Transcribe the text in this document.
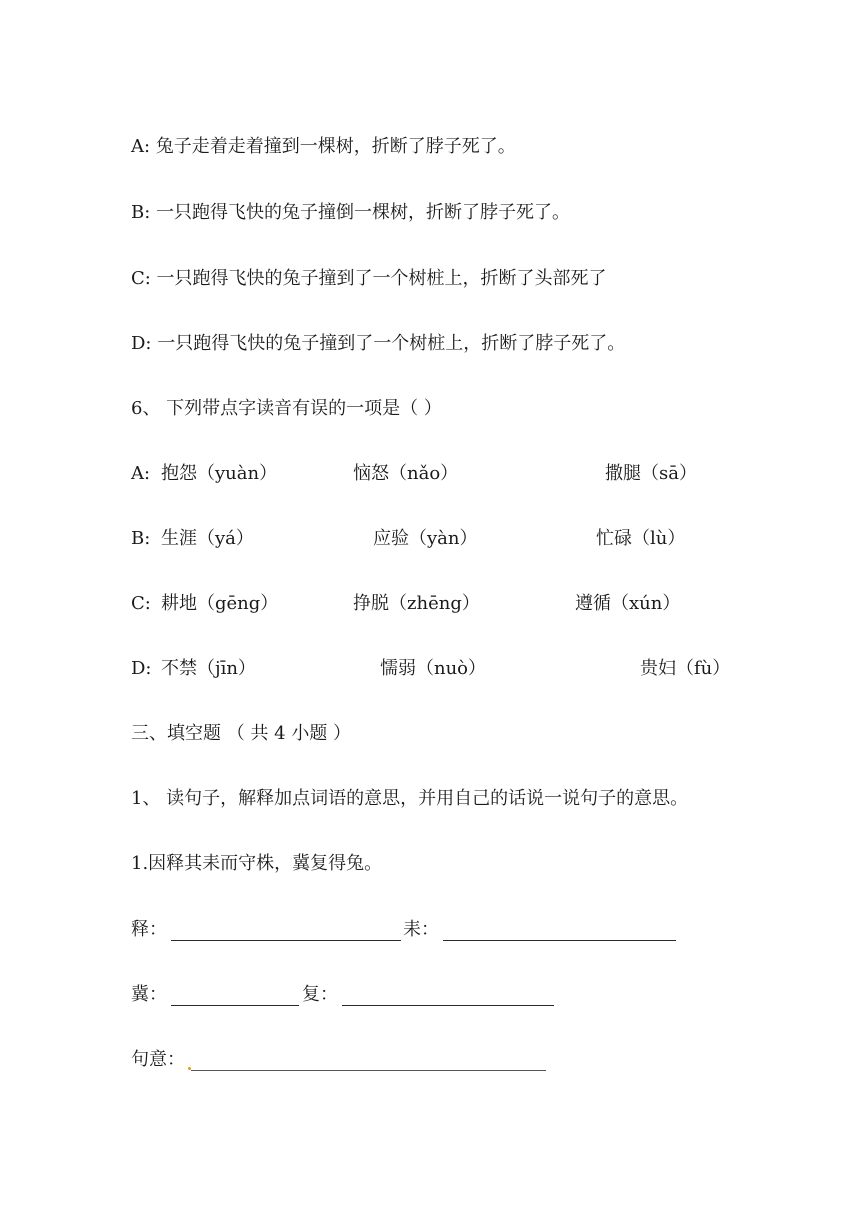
A: 兔子走着走着撞到一棵树，折断了脖子死了。
B: 一只跑得飞快的兔子撞倒一棵树，折断了脖子死了。
C: 一只跑得飞快的兔子撞到了一个树桩上，折断了头部死了
D: 一只跑得飞快的兔子撞到了一个树桩上，折断了脖子死了。
6、 下列带点字读音有误的一项是（ ）
A: 抱怨（yuàn）	恼怒（nǎo）	撒腿（sā）
B: 生涯（yá）	应验（yàn）	忙碌（lù）
C: 耕地（gēng）	挣脱（zhēng）	遵循（xún）
D: 不禁（jīn）	懦弱（nuò）	贵妇（fù）
三、填空题 （ 共 4 小题 ）
1、 读句子，解释加点词语的意思，并用自己的话说一说句子的意思。
1.因释其耒而守株，冀复得兔。
释：	耒：
冀：	复：
句意：
